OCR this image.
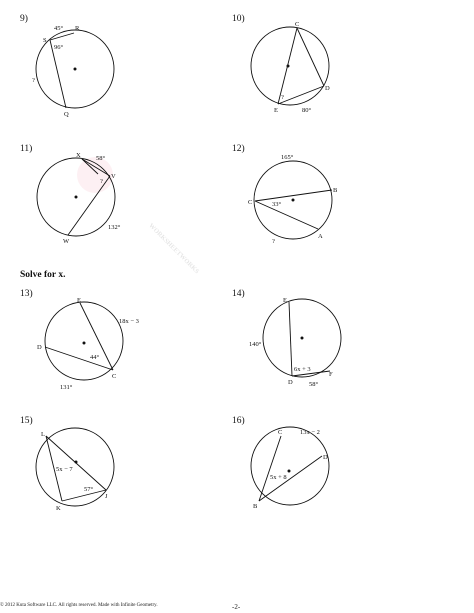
WORKSHEETWORKS
9)	10)
11)	12)
Solve for x.
13)	14)
15)	16)
45° R
S
96°
?
Q
C
D
?
E	80°
X 58°
?
V
132°
W
165°
B
C	33°
A
?
E
18x − 3
D
44°
C
131°
E
140°
6x + 3
F
D	58°
L
5x − 7
57°
J
K
C	13x − 2
D
5x + 8
B
© 2012 Kuta Software LLC. All rights reserved. Made with Infinite Geometry.	-2-
